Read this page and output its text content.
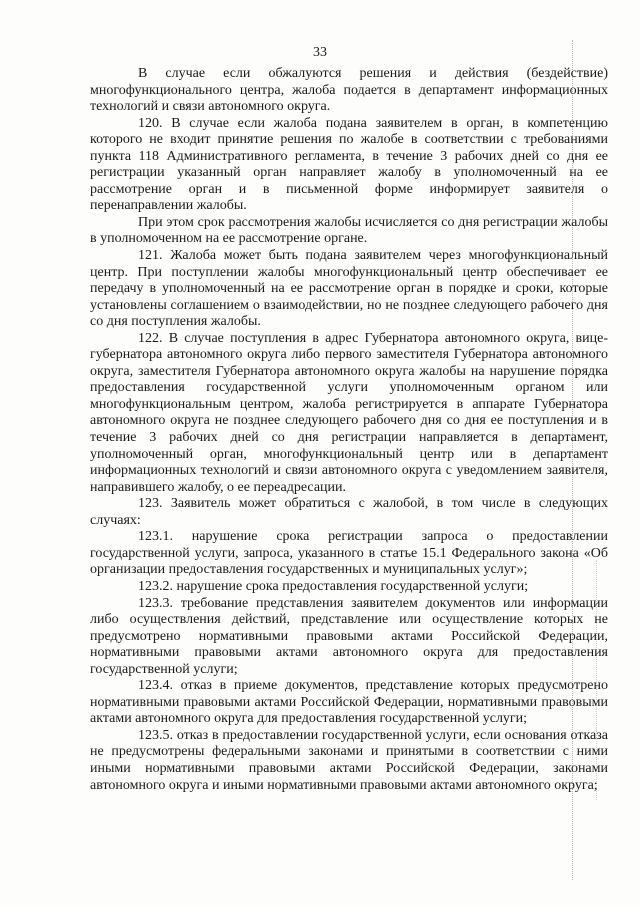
33

В случае если обжалуются решения и действия (бездействие) многофункционального центра, жалоба подается в департамент информационных технологий и связи автономного округа.

120. В случае если жалоба подана заявителем в орган, в компетенцию которого не входит принятие решения по жалобе в соответствии с требованиями пункта 118 Административного регламента, в течение 3 рабочих дней со дня ее регистрации указанный орган направляет жалобу в уполномоченный на ее рассмотрение орган и в письменной форме информирует заявителя о перенаправлении жалобы.

При этом срок рассмотрения жалобы исчисляется со дня регистрации жалобы в уполномоченном на ее рассмотрение органе.

121. Жалоба может быть подана заявителем через многофункциональный центр. При поступлении жалобы многофункциональный центр обеспечивает ее передачу в уполномоченный на ее рассмотрение орган в порядке и сроки, которые установлены соглашением о взаимодействии, но не позднее следующего рабочего дня со дня поступления жалобы.

122. В случае поступления в адрес Губернатора автономного округа, вице-губернатора автономного округа либо первого заместителя Губернатора автономного округа, заместителя Губернатора автономного округа жалобы на нарушение порядка предоставления государственной услуги уполномоченным органом или многофункциональным центром, жалоба регистрируется в аппарате Губернатора автономного округа не позднее следующего рабочего дня со дня ее поступления и в течение 3 рабочих дней со дня регистрации направляется в департамент, уполномоченный орган, многофункциональный центр или в департамент информационных технологий и связи автономного округа с уведомлением заявителя, направившего жалобу, о ее переадресации.

123. Заявитель может обратиться с жалобой, в том числе в следующих случаях:

123.1. нарушение срока регистрации запроса о предоставлении государственной услуги, запроса, указанного в статье 15.1 Федерального закона «Об организации предоставления государственных и муниципальных услуг»;

123.2. нарушение срока предоставления государственной услуги;

123.3. требование представления заявителем документов или информации либо осуществления действий, представление или осуществление которых не предусмотрено нормативными правовыми актами Российской Федерации, нормативными правовыми актами автономного округа для предоставления государственной услуги;

123.4. отказ в приеме документов, представление которых предусмотрено нормативными правовыми актами Российской Федерации, нормативными правовыми актами автономного округа для предоставления государственной услуги;

123.5. отказ в предоставлении государственной услуги, если основания отказа не предусмотрены федеральными законами и принятыми в соответствии с ними иными нормативными правовыми актами Российской Федерации, законами автономного округа и иными нормативными правовыми актами автономного округа;
